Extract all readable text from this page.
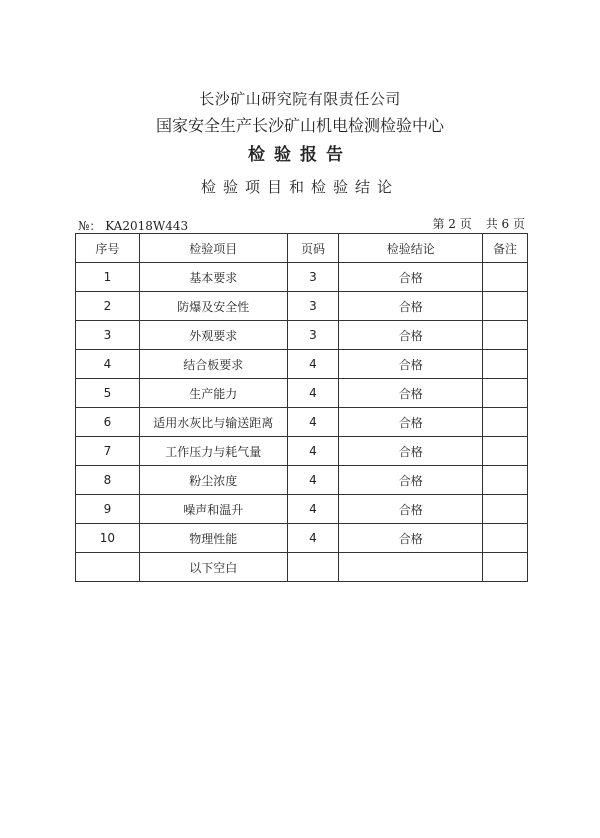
长沙矿山研究院有限责任公司
国家安全生产长沙矿山机电检测检验中心
检验报告
检验项目和检验结论
№： KA2018W443	第 2 页 共 6 页
序号	检验项目	页码	检验结论	备注
1	基本要求	3	合格	
2	防爆及安全性	3	合格	
3	外观要求	3	合格	
4	结合板要求	4	合格	
5	生产能力	4	合格	
6	适用水灰比与输送距离	4	合格	
7	工作压力与耗气量	4	合格	
8	粉尘浓度	4	合格	
9	噪声和温升	4	合格	
10	物理性能	4	合格	
	以下空白			
